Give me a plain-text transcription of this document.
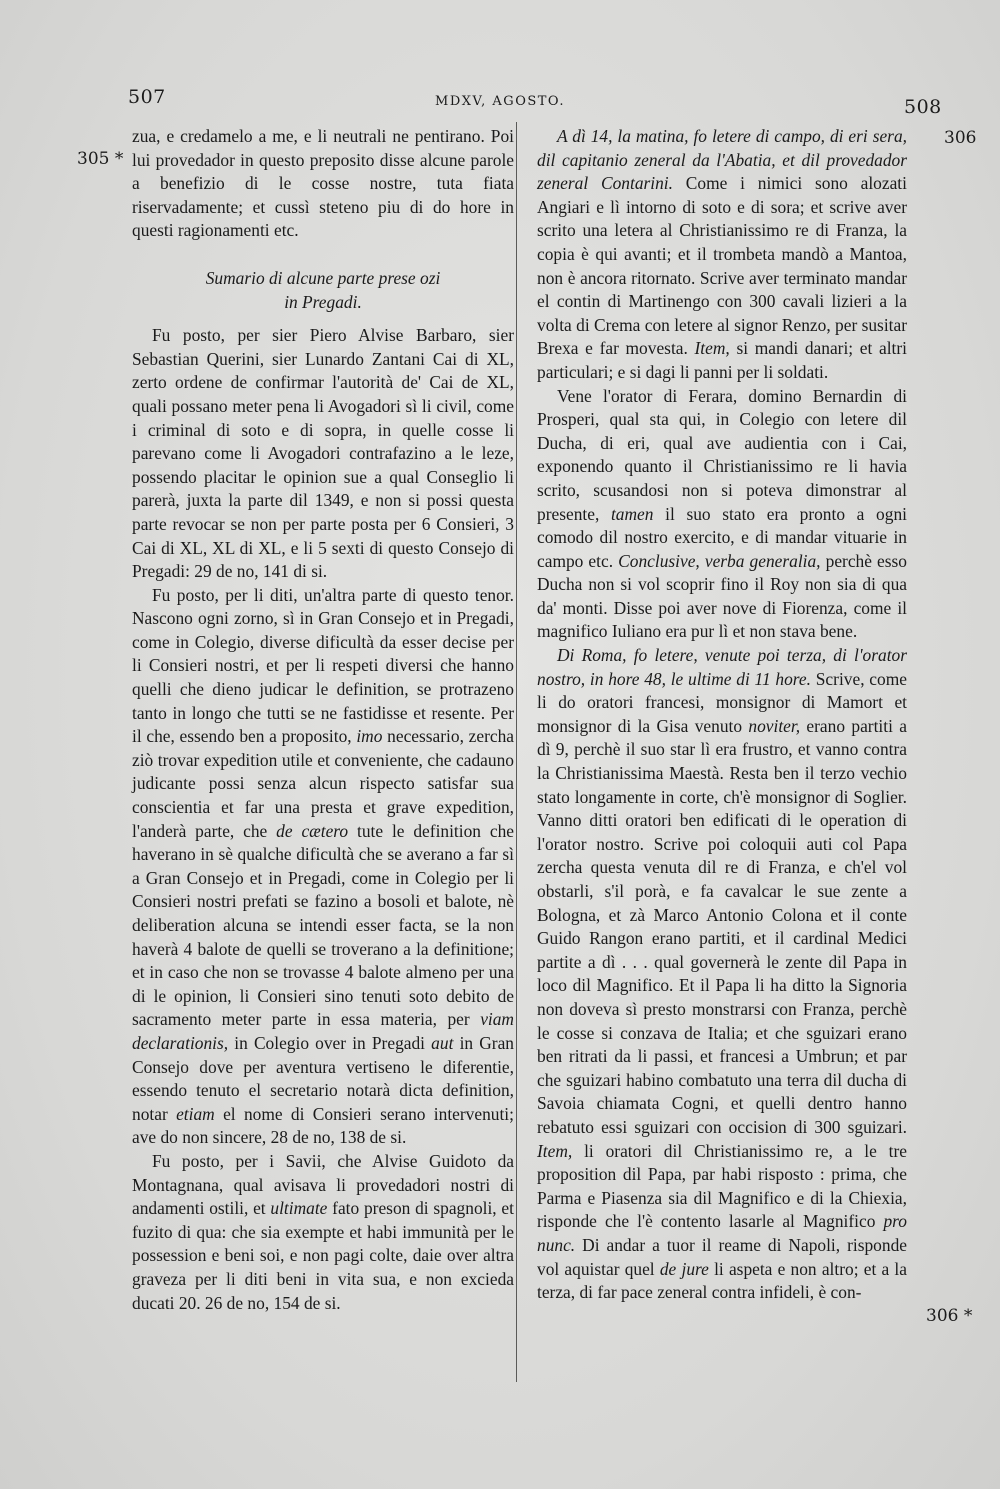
507	MDXV, AGOSTO.	508
305 *
306
306 *

zua, e credamelo a me, e li neutrali ne pentirano. Poi lui provedador in questo preposito disse alcune parole a benefizio di le cosse nostre, tuta fiata riservadamente; et cussì steteno piu di do hore in questi ragionamenti etc.

Sumario di alcune parte prese ozi

in Pregadi.

Fu posto, per sier Piero Alvise Barbaro, sier Sebastian Querini, sier Lunardo Zantani Cai di XL, zerto ordene de confirmar l'autorità de' Cai de XL, quali possano meter pena li Avogadori sì li civil, come i criminal di soto e di sopra, in quelle cosse li parevano come li Avogadori contrafazino a le leze, possendo placitar le opinion sue a qual Conseglio li parerà, juxta la parte dil 1349, e non si possi questa parte revocar se non per parte posta per 6 Consieri, 3 Cai di XL, XL di XL, e li 5 sexti di questo Consejo di Pregadi: 29 de no, 141 di si.

Fu posto, per li diti, un'altra parte di questo tenor. Nascono ogni zorno, sì in Gran Consejo et in Pregadi, come in Colegio, diverse dificultà da esser decise per li Consieri nostri, et per li respeti diversi che hanno quelli che dieno judicar le definition, se protrazeno tanto in longo che tutti se ne fastidisse et resente. Per il che, essendo ben a proposito, imo necessario, zercha ziò trovar expedition utile et conveniente, che cadauno judicante possi senza alcun rispecto satisfar sua conscientia et far una presta et grave expedition, l'anderà parte, che de cætero tute le definition che haverano in sè qualche dificultà che se averano a far sì a Gran Consejo et in Pregadi, come in Colegio per li Consieri nostri prefati se fazino a bosoli et balote, nè deliberation alcuna se intendi esser facta, se la non haverà 4 balote de quelli se troverano a la definitione; et in caso che non se trovasse 4 balote almeno per una di le opinion, li Consieri sino tenuti soto debito de sacramento meter parte in essa materia, per viam declarationis, in Colegio over in Pregadi aut in Gran Consejo dove per aventura vertiseno le diferentie, essendo tenuto el secretario notarà dicta definition, notar etiam el nome di Consieri serano intervenuti; ave do non sincere, 28 de no, 138 de si.

Fu posto, per i Savii, che Alvise Guidoto da Montagnana, qual avisava li provedadori nostri di andamenti ostili, et ultimate fato preson di spagnoli, et fuzito di qua: che sia exempte et habi immunità per le possession e beni soi, e non pagi colte, daie over altra graveza per li diti beni in vita sua, e non excieda ducati 20. 26 de no, 154 de si.

A dì 14, la matina, fo letere di campo, di eri sera, dil capitanio zeneral da l'Abatia, et dil provedador zeneral Contarini. Come i nimici sono alozati Angiari e lì intorno di soto e di sora; et scrive aver scrito una letera al Christianissimo re di Franza, la copia è qui avanti; et il trombeta mandò a Mantoa, non è ancora ritornato. Scrive aver terminato mandar el contin di Martinengo con 300 cavali lizieri a la volta di Crema con letere al signor Renzo, per susitar Brexa e far movesta. Item, si mandi danari; et altri particulari; e si dagi li panni per li soldati.

Vene l'orator di Ferara, domino Bernardin di Prosperi, qual sta qui, in Colegio con letere dil Ducha, di eri, qual ave audientia con i Cai, exponendo quanto il Christianissimo re li havia scrito, scusandosi non si poteva dimonstrar al presente, tamen il suo stato era pronto a ogni comodo dil nostro exercito, e di mandar vituarie in campo etc. Conclusive, verba generalia, perchè esso Ducha non si vol scoprir fino il Roy non sia di qua da' monti. Disse poi aver nove di Fiorenza, come il magnifico Iuliano era pur lì et non stava bene.

Di Roma, fo letere, venute poi terza, di l'orator nostro, in hore 48, le ultime di 11 hore. Scrive, come li do oratori francesi, monsignor di Mamort et monsignor di la Gisa venuto noviter, erano partiti a dì 9, perchè il suo star lì era frustro, et vanno contra la Christianissima Maestà. Resta ben il terzo vechio stato longamente in corte, ch'è monsignor di Soglier. Vanno ditti oratori ben edificati di le operation di l'orator nostro. Scrive poi coloquii auti col Papa zercha questa venuta dil re di Franza, e ch'el vol obstarli, s'il porà, e fa cavalcar le sue zente a Bologna, et zà Marco Antonio Colona et il conte Guido Rangon erano partiti, et il cardinal Medici partite a dì . . . qual governerà le zente dil Papa in loco dil Magnifico. Et il Papa li ha ditto la Signoria non doveva sì presto monstrarsi con Franza, perchè le cosse si conzava de Italia; et che sguizari erano ben ritrati da li passi, et francesi a Umbrun; et par che sguizari habino combatuto una terra dil ducha di Savoia chiamata Cogni, et quelli dentro hanno rebatuto essi sguizari con occision di 300 sguizari. Item, li oratori dil Christianissimo re, a le tre proposition dil Papa, par habi risposto : prima, che Parma e Piasenza sia dil Magnifico e di la Chiexia, risponde che l'è contento lasarle al Magnifico pro nunc. Di andar a tuor il reame di Napoli, risponde vol aquistar quel de jure li aspeta e non altro; et a la terza, di far pace zeneral contra infideli, è con-
